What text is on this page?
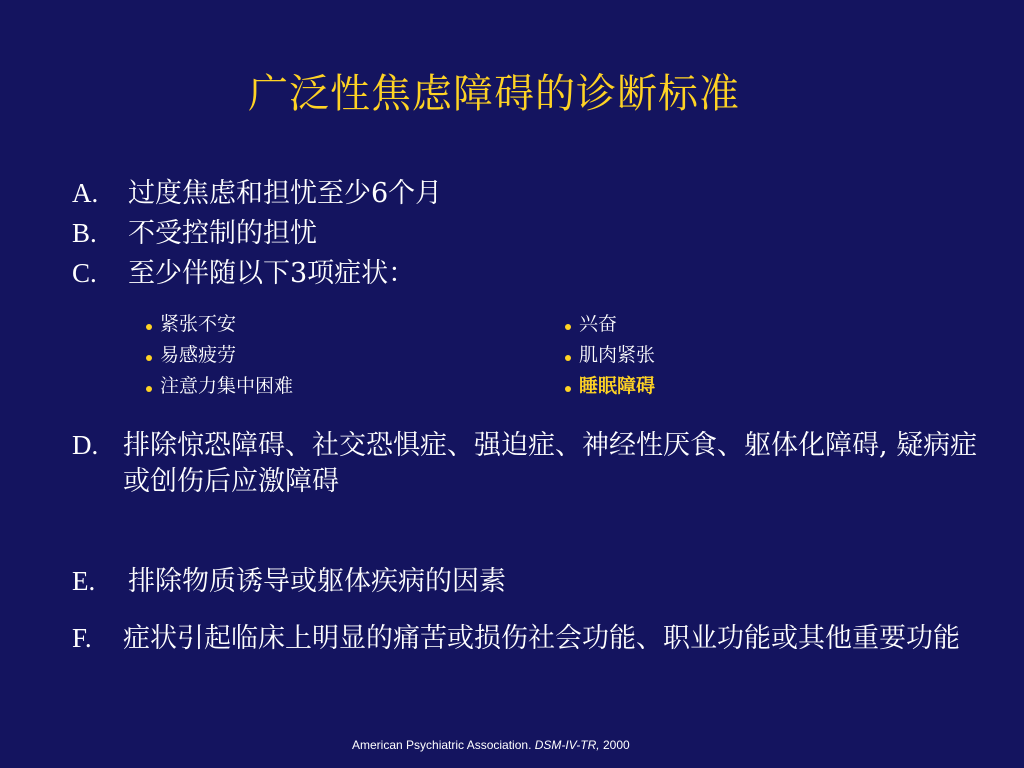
广泛性焦虑障碍的诊断标准
A. 过度焦虑和担忧至少6个月
B. 不受控制的担忧
C. 至少伴随以下3项症状：
紧张不安
易感疲劳
注意力集中困难
兴奋
肌肉紧张
睡眠障碍
D. 排除惊恐障碍、社交恐惧症、强迫症、神经性厌食、躯体化障碍, 疑病症 或创伤后应激障碍
E. 排除物质诱导或躯体疾病的因素
F. 症状引起临床上明显的痛苦或损伤社会功能、职业功能或其他重要功能
American Psychiatric Association. DSM-IV-TR, 2000
